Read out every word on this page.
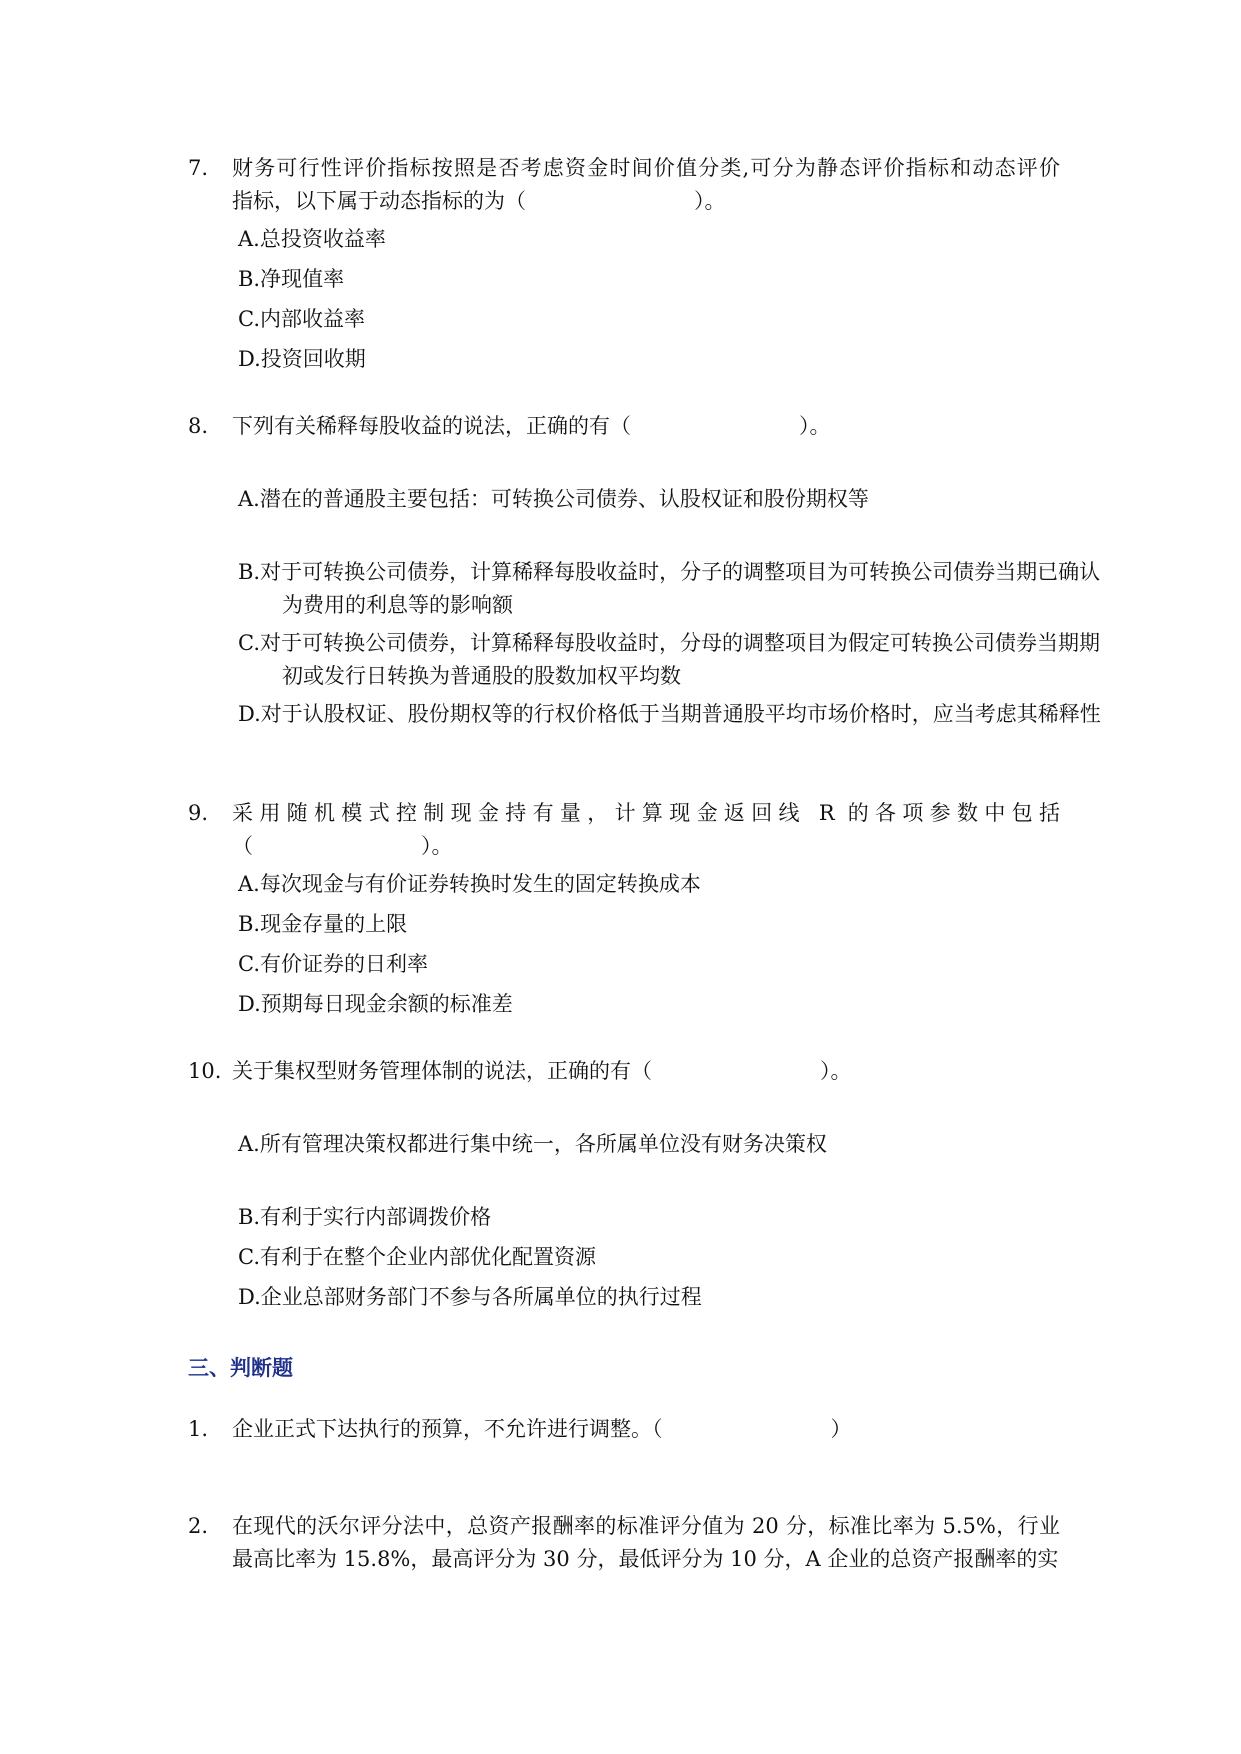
7.	财务可行性评价指标按照是否考虑资金时间价值分类,可分为静态评价指标和动态评价
指标，以下属于动态指标的为（　　　　　　　　）。
A.总投资收益率
B.净现值率
C.内部收益率
D.投资回收期
8.	下列有关稀释每股收益的说法，正确的有（　　　　　　　　）。
A.潜在的普通股主要包括：可转换公司债券、认股权证和股份期权等
B.对于可转换公司债券，计算稀释每股收益时，分子的调整项目为可转换公司债券当期已确认为费用的利息等的影响额
C.对于可转换公司债券，计算稀释每股收益时，分母的调整项目为假定可转换公司债券当期期初或发行日转换为普通股的股数加权平均数
D.对于认股权证、股份期权等的行权价格低于当期普通股平均市场价格时，应当考虑其稀释性
9.	采用随机模式控制现金持有量，计算现金返回线 R 的各项参数中包括
（　　　　　　　　）。
A.每次现金与有价证券转换时发生的固定转换成本
B.现金存量的上限
C.有价证券的日利率
D.预期每日现金余额的标准差
10. 关于集权型财务管理体制的说法，正确的有（　　　　　　　　）。
A.所有管理决策权都进行集中统一，各所属单位没有财务决策权
B.有利于实行内部调拨价格
C.有利于在整个企业内部优化配置资源
D.企业总部财务部门不参与各所属单位的执行过程
三、判断题
1.	企业正式下达执行的预算，不允许进行调整。（　　　　　　　　）
2.	在现代的沃尔评分法中，总资产报酬率的标准评分值为 20 分，标准比率为 5.5%，行业
最高比率为 15.8%，最高评分为 30 分，最低评分为 10 分，A 企业的总资产报酬率的实
